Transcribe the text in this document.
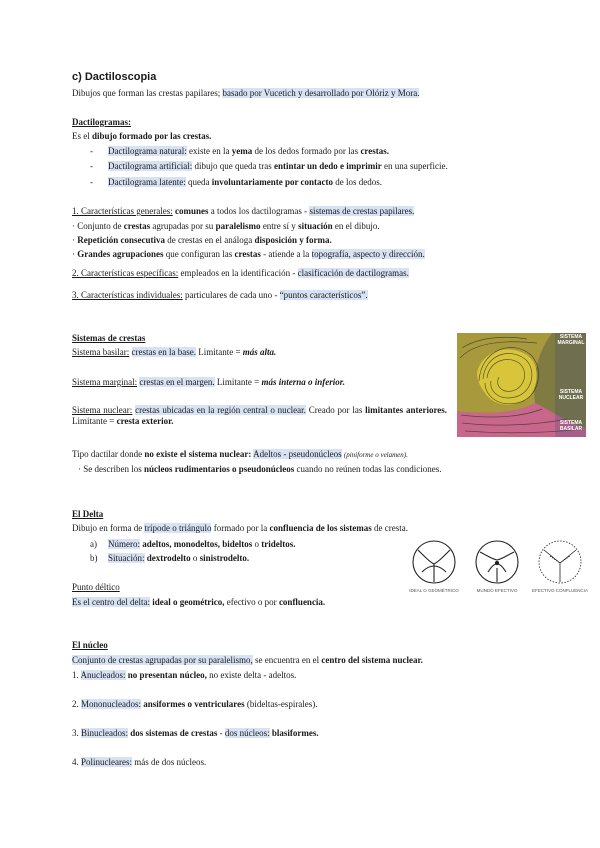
c) Dactiloscopia
Dibujos que forman las crestas papilares; basado por Vucetich y desarrollado por Olóriz y Mora.
Dactilogramas:
Es el dibujo formado por las crestas.
- Dactilograma natural: existe en la yema de los dedos formado por las crestas.
- Dactilograma artificial: dibujo que queda tras entintar un dedo e imprimir en una superficie.
- Dactilograma latente: queda involuntariamente por contacto de los dedos.
1. Características generales: comunes a todos los dactilogramas - sistemas de crestas papilares.
· Conjunto de crestas agrupadas por su paralelismo entre sí y situación en el dibujo.
· Repetición consecutiva de crestas en el análoga disposición y forma.
· Grandes agrupaciones que configuran las crestas - atiende a la topografía, aspecto y dirección.
2. Características específicas: empleados en la identificación - clasificación de dactilogramas.
3. Características individuales: particulares de cada uno - “puntos característicos”.
Sistemas de crestas
Sistema basilar: crestas en la base. Limitante = más alta.
Sistema marginal: crestas en el margen. Limitante = más interna o inferior.
Sistema nuclear: crestas ubicadas en la región central o nuclear. Creado por las limitantes anteriores. Limitante = cresta exterior.
SISTEMA MARGINAL
SISTEMA NUCLEAR
SISTEMA BASILAR
Tipo dactilar donde no existe el sistema nuclear: Adeltos - pseudonúcleos (piniforme o velamen).
· Se describen los núcleos rudimentarios o pseudonúcleos cuando no reúnen todas las condiciones.
El Delta
Dibujo en forma de trípode o triángulo formado por la confluencia de los sistemas de cresta.
a) Número: adeltos, monodeltos, bideltos o trideltos.
b) Situación: dextrodelto o sinistrodelto.
Punto déltico
Es el centro del delta: ideal o geométrico, efectivo o por confluencia.
IDEAL O GEOMÉTRICO	MUNDO EFECTIVO	EFECTIVO CONFLUENCIA
El núcleo
Conjunto de crestas agrupadas por su paralelismo, se encuentra en el centro del sistema nuclear.
1. Anucleados: no presentan núcleo, no existe delta - adeltos.
2. Mononucleados: ansiformes o ventriculares (bideltas-espirales).
3. Binucleados: dos sistemas de crestas - dos núcleos: blasiformes.
4. Polinucleares: más de dos núcleos.
